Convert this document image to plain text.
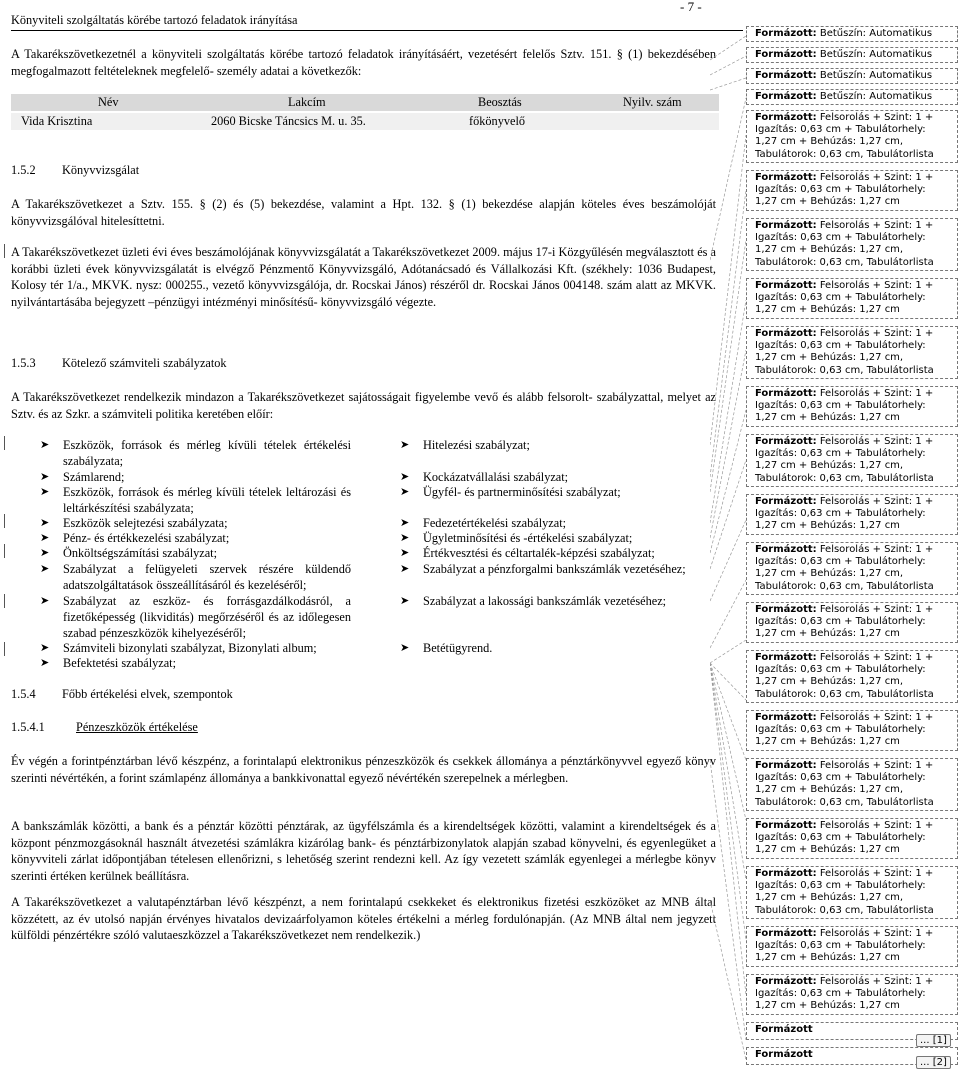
Könyviteli szolgáltatás körébe tartozó feladatok irányítása
- 7 -
A Takarékszövetkezetnél a könyviteli szolgáltatás körébe tartozó feladatok irányításáért, vezetésért felelős Sztv. 151. § (1) bekezdésében megfogalmazott feltételeknek megfelelő- személy adatai a következők:
Név	Lakcím	Beosztás	Nyilv. szám
Vida Krisztina	2060 Bicske Táncsics M. u. 35.	főkönyvelő
1.5.2 Könyvvizsgálat
A Takarékszövetkezet a Sztv. 155. § (2) és (5) bekezdése, valamint a Hpt. 132. § (1) bekezdése alapján köteles éves beszámolóját könyvvizsgálóval hitelesíttetni.
A Takarékszövetkezet üzleti évi éves beszámolójának könyvvizsgálatát a Takarékszövetkezet 2009. május 17-i Közgyűlésén megválasztott és a korábbi üzleti évek könyvvizsgálatát is elvégző Pénzmentő Könyvvizsgáló, Adótanácsadó és Vállalkozási Kft. (székhely: 1036 Budapest, Kolosy tér 1/a., MKVK. nysz: 000255., vezető könyvvizsgálója, dr. Rocskai János) részéről dr. Rocskai János 004148. szám alatt az MKVK. nyilvántartásába bejegyzett –pénzügyi intézményi minősítésű- könyvvizsgáló végezte.
1.5.3 Kötelező számviteli szabályzatok
A Takarékszövetkezet rendelkezik mindazon a Takarékszövetkezet sajátosságait figyelembe vevő és alább felsorolt- szabályzattal, melyet az Sztv. és az Szkr. a számviteli politika keretében előír:
➤ Eszközök, források és mérleg kívüli tételek értékelési szabályzata;
➤ Számlarend;
➤ Eszközök, források és mérleg kívüli tételek leltározási és leltárkészítési szabályzata;
➤ Eszközök selejtezési szabályzata;
➤ Pénz- és értékkezelési szabályzat;
➤ Önköltségszámítási szabályzat;
➤ Szabályzat a felügyeleti szervek részére küldendő adatszolgáltatások összeállításáról és kezeléséről;
➤ Szabályzat az eszköz- és forrásgazdálkodásról, a fizetőképesség (likviditás) megőrzéséről és az időlegesen szabad pénzeszközök kihelyezéséről;
➤ Számviteli bizonylati szabályzat, Bizonylati album;
➤ Befektetési szabályzat;
➤ Hitelezési szabályzat;
➤ Kockázatvállalási szabályzat;
➤ Ügyfél- és partnerminősítési szabályzat;
➤ Fedezetértékelési szabályzat;
➤ Ügyletminősítési és -értékelési szabályzat;
➤ Értékvesztési és céltartalék-képzési szabályzat;
➤ Szabályzat a pénzforgalmi bankszámlák vezetéséhez;
➤ Szabályzat a lakossági bankszámlák vezetéséhez;
➤ Betétügyrend.
1.5.4 Főbb értékelési elvek, szempontok
1.5.4.1	Pénzeszközök értékelése
Év végén a forintpénztárban lévő készpénz, a forintalapú elektronikus pénzeszközök és csekkek állománya a pénztárkönyvvel egyező könyv szerinti névértékén, a forint számlapénz állománya a bankkivonattal egyező névértékén szerepelnek a mérlegben.
A bankszámlák közötti, a bank és a pénztár közötti pénztárak, az ügyfélszámla és a kirendeltségek közötti, valamint a kirendeltségek és a központ pénzmozgásoknál használt átvezetési számlákra kizárólag bank- és pénztárbizonylatok alapján szabad könyvelni, és egyenlegüket a könyvviteli zárlat időpontjában tételesen ellenőrizni, s lehetőség szerint rendezni kell. Az így vezetett számlák egyenlegei a mérlegbe könyv szerinti értéken kerülnek beállításra.
A Takarékszövetkezet a valutapénztárban lévő készpénzt, a nem forintalapú csekkeket és elektronikus fizetési eszközöket az MNB által közzétett, az év utolsó napján érvényes hivatalos devizaárfolyamon köteles értékelni a mérleg fordulónapján. (Az MNB által nem jegyzett külföldi pénzértékre szóló valutaeszközzel a Takarékszövetkezet nem rendelkezik.)
Formázott: Betűszín: Automatikus
Formázott: Betűszín: Automatikus
Formázott: Betűszín: Automatikus
Formázott: Betűszín: Automatikus
Formázott: Felsorolás + Szint: 1 +
Igazítás: 0,63 cm + Tabulátorhely:
1,27 cm + Behúzás: 1,27 cm,
Tabulátorok: 0,63 cm, Tabulátorlista
Formázott: Felsorolás + Szint: 1 +
Igazítás: 0,63 cm + Tabulátorhely:
1,27 cm + Behúzás: 1,27 cm
Formázott: Felsorolás + Szint: 1 +
Igazítás: 0,63 cm + Tabulátorhely:
1,27 cm + Behúzás: 1,27 cm,
Tabulátorok: 0,63 cm, Tabulátorlista
Formázott: Felsorolás + Szint: 1 +
Igazítás: 0,63 cm + Tabulátorhely:
1,27 cm + Behúzás: 1,27 cm
Formázott: Felsorolás + Szint: 1 +
Igazítás: 0,63 cm + Tabulátorhely:
1,27 cm + Behúzás: 1,27 cm,
Tabulátorok: 0,63 cm, Tabulátorlista
Formázott: Felsorolás + Szint: 1 +
Igazítás: 0,63 cm + Tabulátorhely:
1,27 cm + Behúzás: 1,27 cm
Formázott: Felsorolás + Szint: 1 +
Igazítás: 0,63 cm + Tabulátorhely:
1,27 cm + Behúzás: 1,27 cm,
Tabulátorok: 0,63 cm, Tabulátorlista
Formázott: Felsorolás + Szint: 1 +
Igazítás: 0,63 cm + Tabulátorhely:
1,27 cm + Behúzás: 1,27 cm
Formázott: Felsorolás + Szint: 1 +
Igazítás: 0,63 cm + Tabulátorhely:
1,27 cm + Behúzás: 1,27 cm,
Tabulátorok: 0,63 cm, Tabulátorlista
Formázott: Felsorolás + Szint: 1 +
Igazítás: 0,63 cm + Tabulátorhely:
1,27 cm + Behúzás: 1,27 cm
Formázott: Felsorolás + Szint: 1 +
Igazítás: 0,63 cm + Tabulátorhely:
1,27 cm + Behúzás: 1,27 cm,
Tabulátorok: 0,63 cm, Tabulátorlista
Formázott: Felsorolás + Szint: 1 +
Igazítás: 0,63 cm + Tabulátorhely:
1,27 cm + Behúzás: 1,27 cm
Formázott: Felsorolás + Szint: 1 +
Igazítás: 0,63 cm + Tabulátorhely:
1,27 cm + Behúzás: 1,27 cm,
Tabulátorok: 0,63 cm, Tabulátorlista
Formázott: Felsorolás + Szint: 1 +
Igazítás: 0,63 cm + Tabulátorhely:
1,27 cm + Behúzás: 1,27 cm
Formázott: Felsorolás + Szint: 1 +
Igazítás: 0,63 cm + Tabulátorhely:
1,27 cm + Behúzás: 1,27 cm,
Tabulátorok: 0,63 cm, Tabulátorlista
Formázott: Felsorolás + Szint: 1 +
Igazítás: 0,63 cm + Tabulátorhely:
1,27 cm + Behúzás: 1,27 cm
Formázott: Felsorolás + Szint: 1 +
Igazítás: 0,63 cm + Tabulátorhely:
1,27 cm + Behúzás: 1,27 cm
Formázott
Formázott
... [1]
... [2]
